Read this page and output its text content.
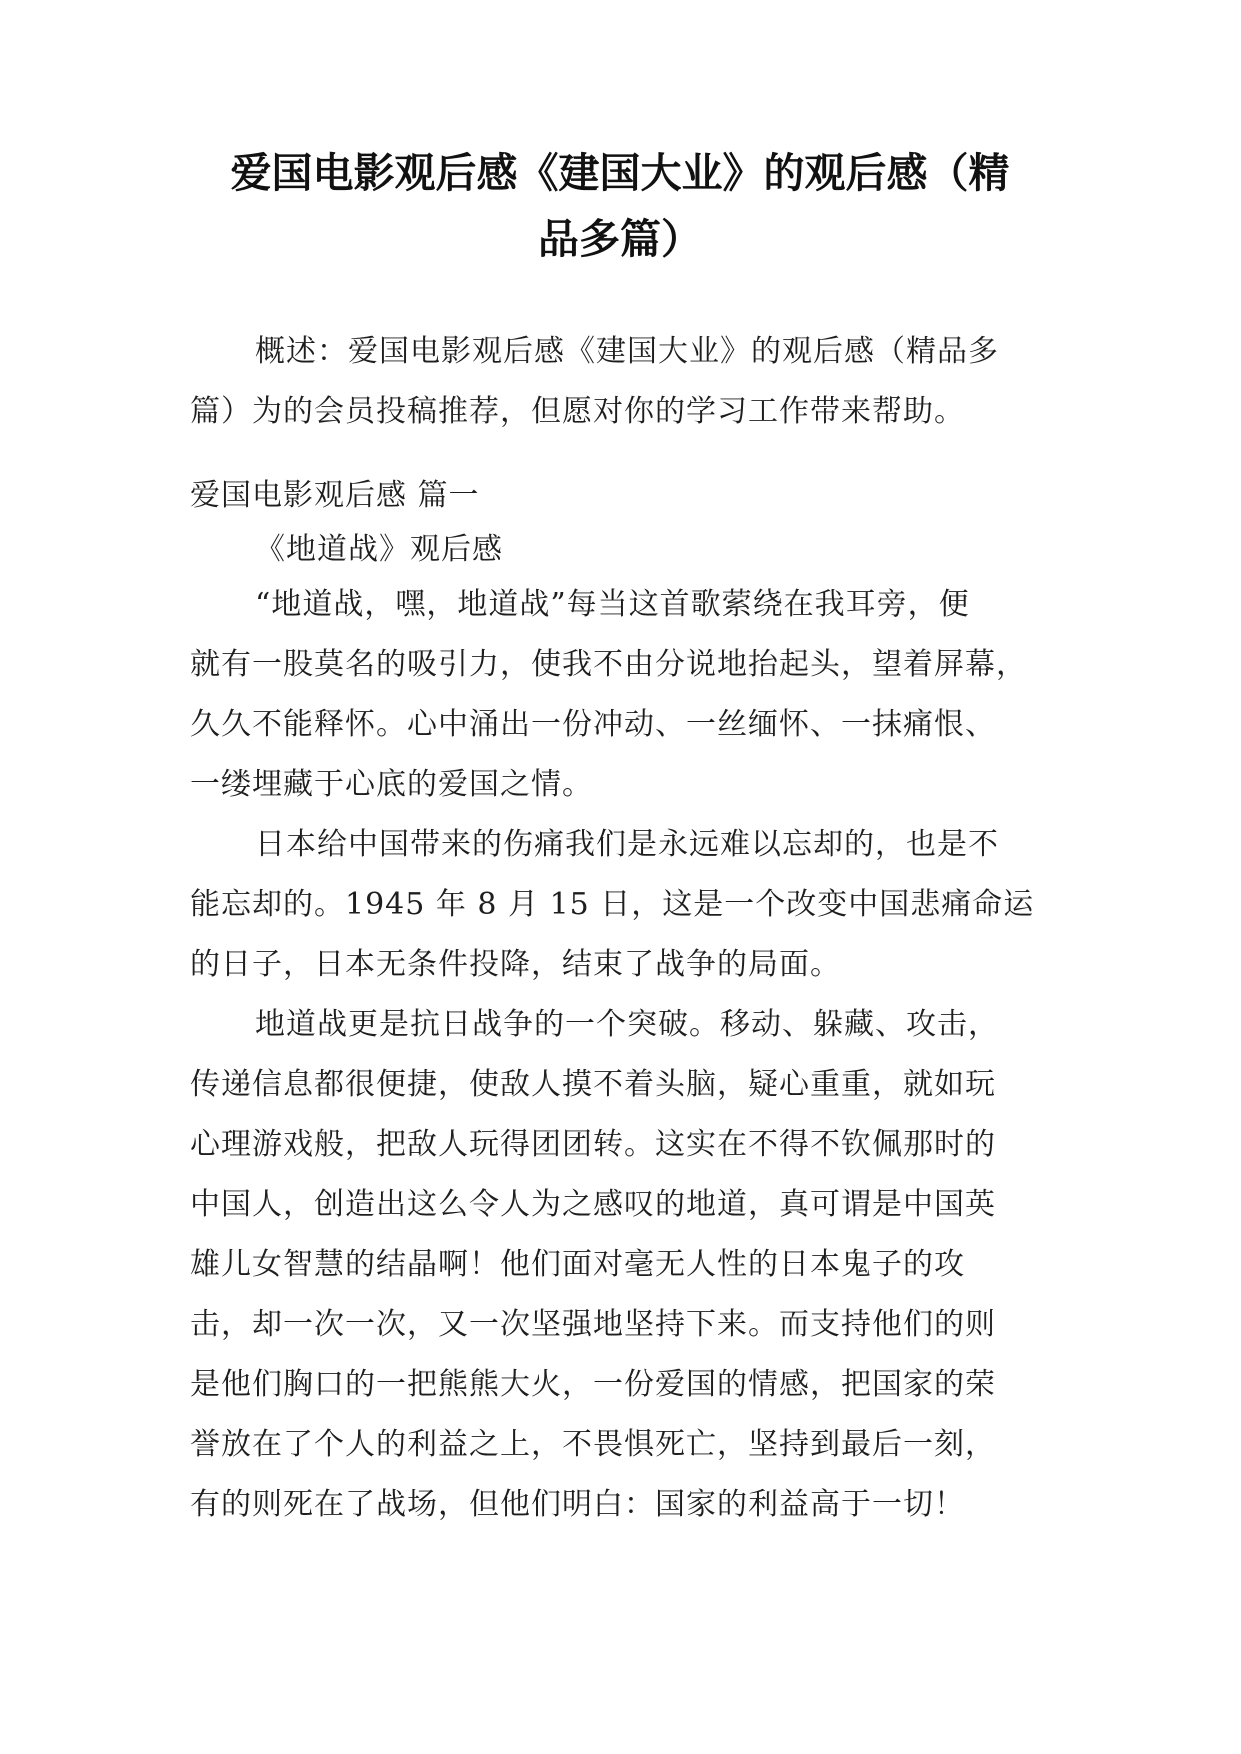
爱国电影观后感《建国大业》的观后感（精
品多篇）
概述：爱国电影观后感《建国大业》的观后感（精品多
篇）为的会员投稿推荐，但愿对你的学习工作带来帮助。
爱国电影观后感 篇一
《地道战》观后感
“地道战，嘿，地道战”每当这首歌萦绕在我耳旁，便
就有一股莫名的吸引力，使我不由分说地抬起头，望着屏幕，
久久不能释怀。心中涌出一份冲动、一丝缅怀、一抹痛恨、
一缕埋藏于心底的爱国之情。
日本给中国带来的伤痛我们是永远难以忘却的，也是不
能忘却的。1945 年 8 月 15 日，这是一个改变中国悲痛命运
的日子，日本无条件投降，结束了战争的局面。
地道战更是抗日战争的一个突破。移动、躲藏、攻击，
传递信息都很便捷，使敌人摸不着头脑，疑心重重，就如玩
心理游戏般，把敌人玩得团团转。这实在不得不钦佩那时的
中国人，创造出这么令人为之感叹的地道，真可谓是中国英
雄儿女智慧的结晶啊！他们面对毫无人性的日本鬼子的攻
击，却一次一次，又一次坚强地坚持下来。而支持他们的则
是他们胸口的一把熊熊大火，一份爱国的情感，把国家的荣
誉放在了个人的利益之上，不畏惧死亡，坚持到最后一刻，
有的则死在了战场，但他们明白：国家的利益高于一切！
